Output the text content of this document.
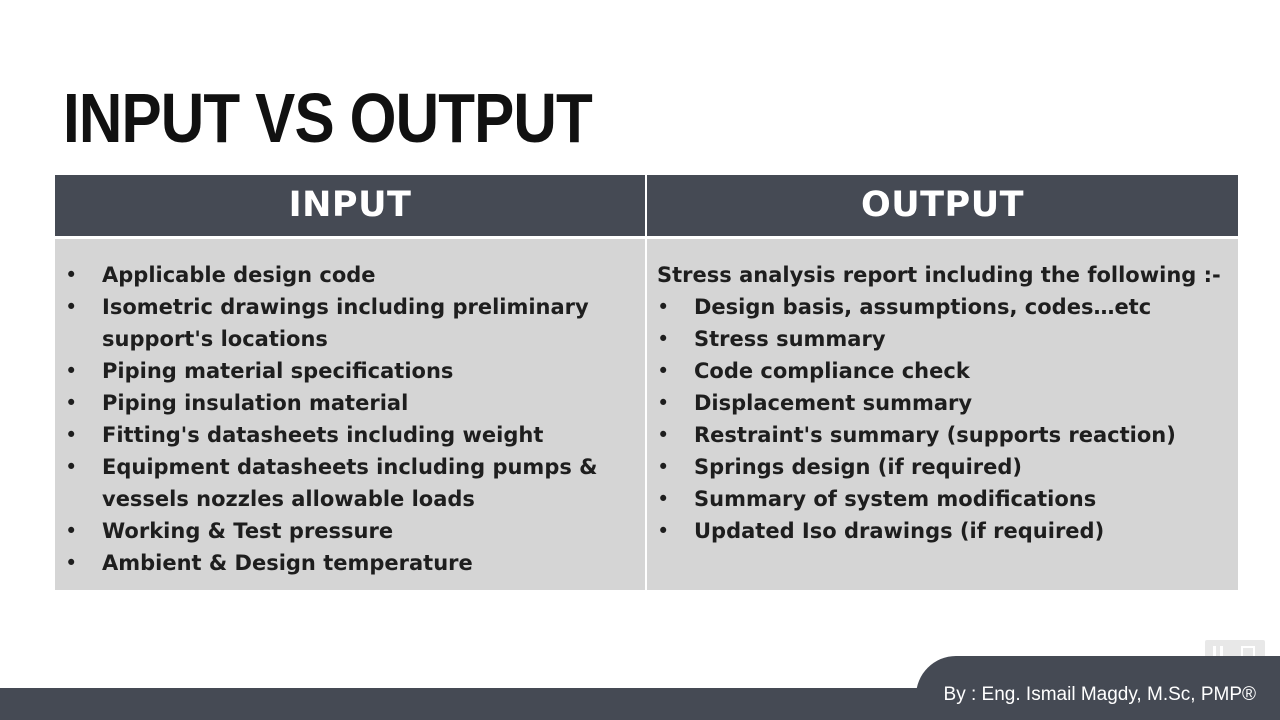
INPUT VS OUTPUT
INPUT
• Applicable design code
• Isometric drawings including preliminary support's locations
• Piping material specifications
• Piping insulation material
• Fitting's datasheets including weight
• Equipment datasheets including pumps & vessels nozzles allowable loads
• Working & Test pressure
• Ambient & Design temperature
OUTPUT

Stress analysis report including the following :-

• Design basis, assumptions, codes…etc
• Stress summary
• Code compliance check
• Displacement summary
• Restraint's summary (supports reaction)
• Springs design (if required)
• Summary of system modifications
• Updated Iso drawings (if required)
By : Eng. Ismail Magdy, M.Sc, PMP®
